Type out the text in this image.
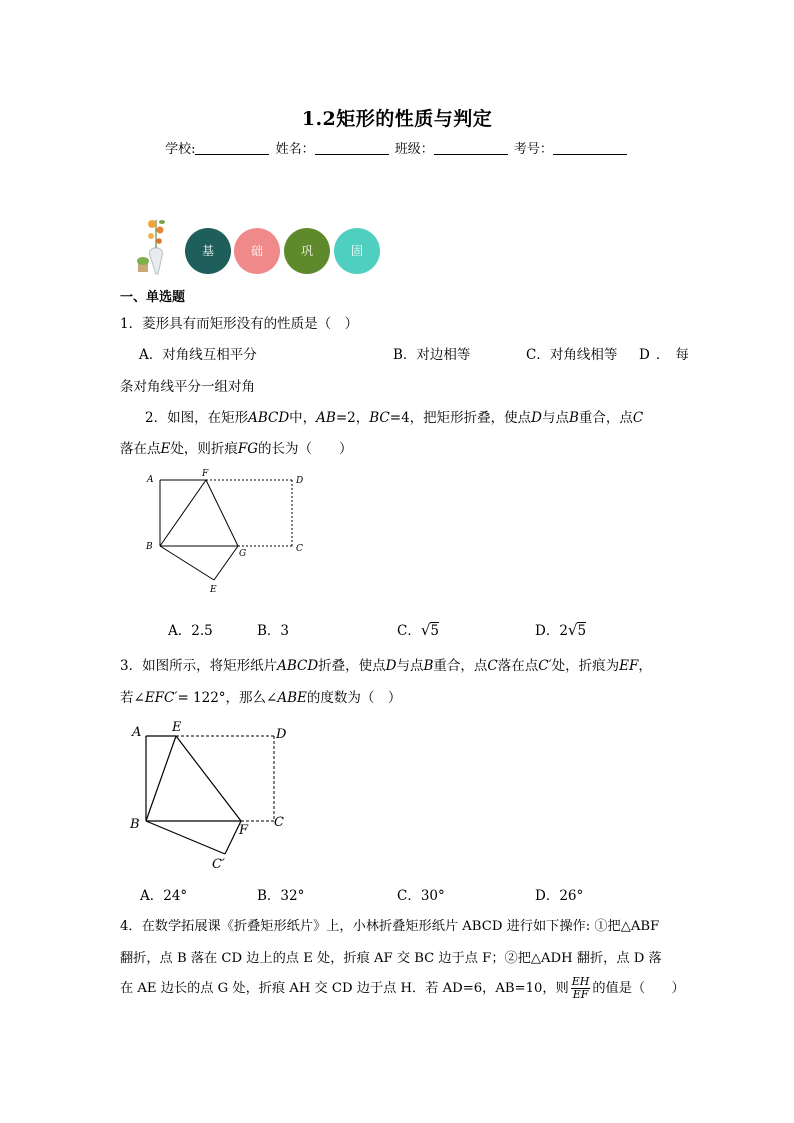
1.2矩形的性质与判定
学校:	姓名：	班级：	考号：
基	础	巩	固
一、单选题
1．菱形具有而矩形没有的性质是（　）
A．对角线互相平分	B．对边相等	C．对角线相等 D．每
条对角线平分一组对角
2．如图，在矩形ABCD中，AB=2，BC=4，把矩形折叠，使点D与点B重合，点C
落在点E处，则折痕FG的长为（　　）
A
F
D
B
G	C
E
A．2.5	B．3	C．√5	D．2√5
3．如图所示，将矩形纸片ABCD折叠，使点D与点B重合，点C落在点C′处，折痕为EF，
若∠EFC′= 122°，那么∠ABE的度数为（　）
A E	D
B	F
C
C′
A．24°	B．32°	C．30°	D．26°
4．在数学拓展课《折叠矩形纸片》上，小林折叠矩形纸片 ABCD 进行如下操作: ①把△ABF
翻折，点 B 落在 CD 边上的点 E 处，折痕 AF 交 BC 边于点 F；②把△ADH 翻折，点 D 落
在 AE 边长的点 G 处，折痕 AH 交 CD 边于点 H．若 AD=6，AB=10，则 $\frac{EH}{EF}$ 的值是（　　）
